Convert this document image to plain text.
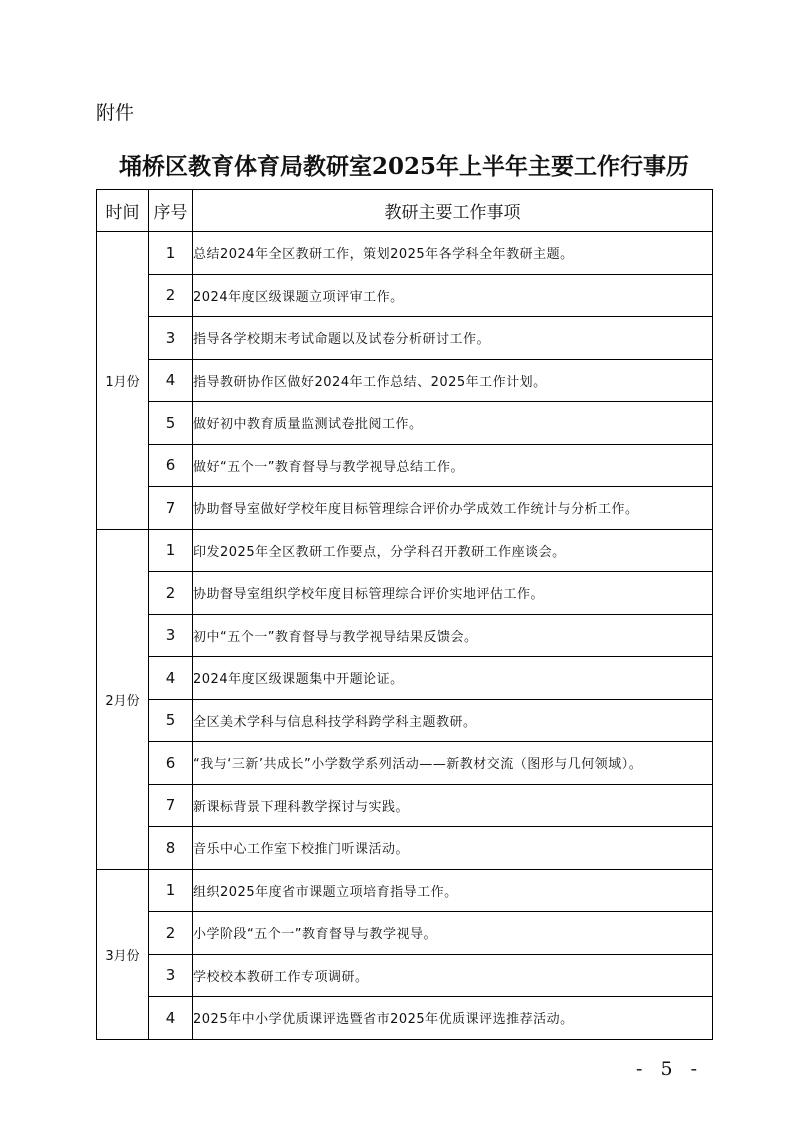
附件
埇桥区教育体育局教研室2025年上半年主要工作行事历
时间	序号	教研主要工作事项
1月份	1	总结2024年全区教研工作，策划2025年各学科全年教研主题。
	2	2024年度区级课题立项评审工作。
	3	指导各学校期末考试命题以及试卷分析研讨工作。
	4	指导教研协作区做好2024年工作总结、2025年工作计划。
	5	做好初中教育质量监测试卷批阅工作。
	6	做好“五个一”教育督导与教学视导总结工作。
	7	协助督导室做好学校年度目标管理综合评价办学成效工作统计与分析工作。
2月份	1	印发2025年全区教研工作要点，分学科召开教研工作座谈会。
	2	协助督导室组织学校年度目标管理综合评价实地评估工作。
	3	初中“五个一”教育督导与教学视导结果反馈会。
	4	2024年度区级课题集中开题论证。
	5	全区美术学科与信息科技学科跨学科主题教研。
	6	“我与‘三新’共成长”小学数学系列活动——新教材交流（图形与几何领域）。
	7	新课标背景下理科教学探讨与实践。
	8	音乐中心工作室下校推门听课活动。
3月份	1	组织2025年度省市课题立项培育指导工作。
	2	小学阶段“五个一”教育督导与教学视导。
	3	学校校本教研工作专项调研。
	4	2025年中小学优质课评选暨省市2025年优质课评选推荐活动。
- 5 -
